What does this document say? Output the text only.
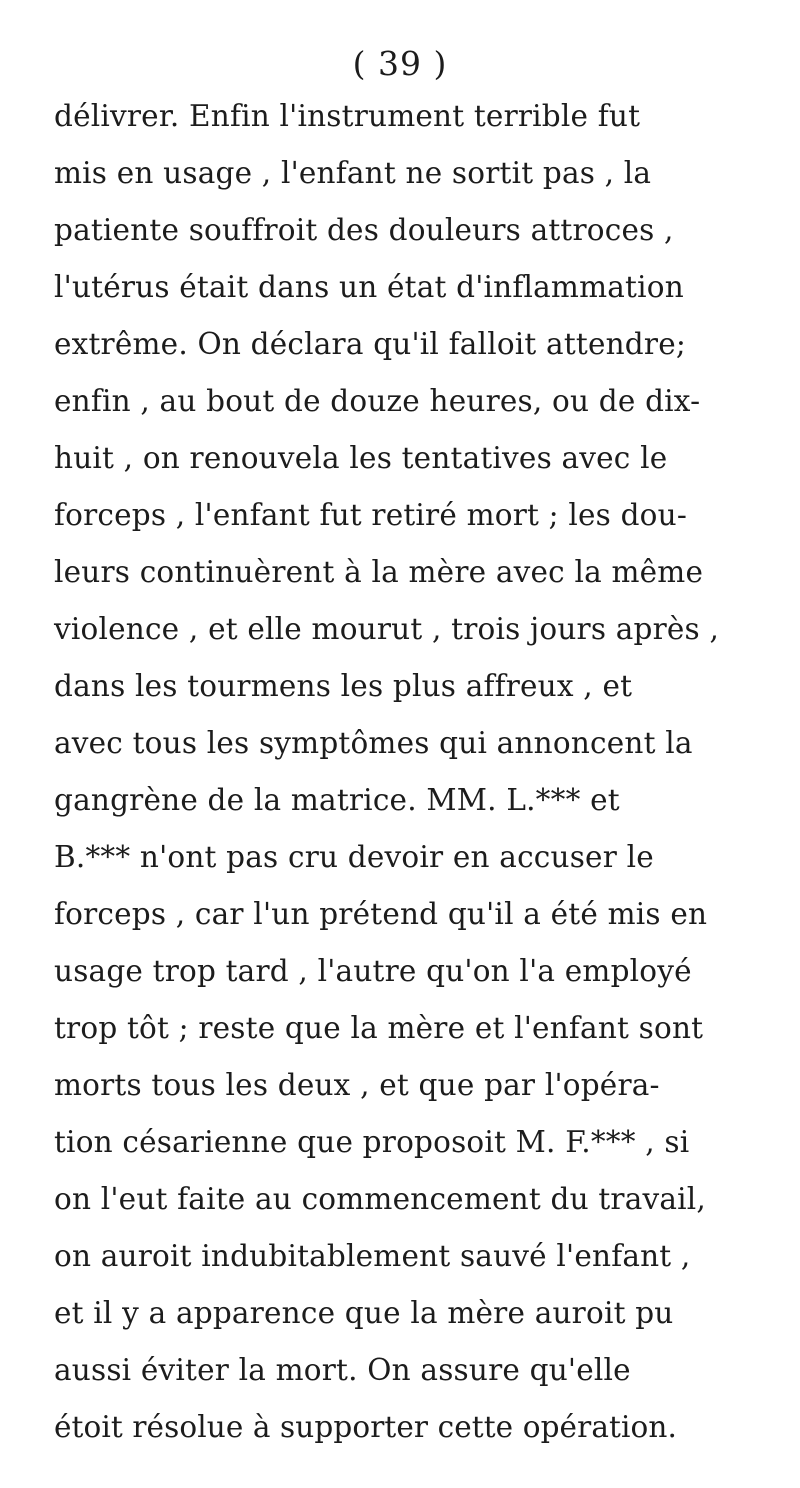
( 39 )
délivrer. Enfin l'instrument terrible fut
mis en usage , l'enfant ne sortit pas , la
patiente souffroit des douleurs attroces ,
l'utérus était dans un état d'inflammation
extrême. On déclara qu'il falloit attendre;
enfin , au bout de douze heures, ou de dix-
huit , on renouvela les tentatives avec le
forceps , l'enfant fut retiré mort ; les dou-
leurs continuèrent à la mère avec la même
violence , et elle mourut , trois jours après ,
dans les tourmens les plus affreux , et
avec tous les symptômes qui annoncent la
gangrène de la matrice. MM. L.*** et
B.*** n'ont pas cru devoir en accuser le
forceps , car l'un prétend qu'il a été mis en
usage trop tard , l'autre qu'on l'a employé
trop tôt ; reste que la mère et l'enfant sont
morts tous les deux , et que par l'opéra-
tion césarienne que proposoit M. F.*** , si
on l'eut faite au commencement du travail,
on auroit indubitablement sauvé l'enfant ,
et il y a apparence que la mère auroit pu
aussi éviter la mort. On assure qu'elle
étoit résolue à supporter cette opération.
